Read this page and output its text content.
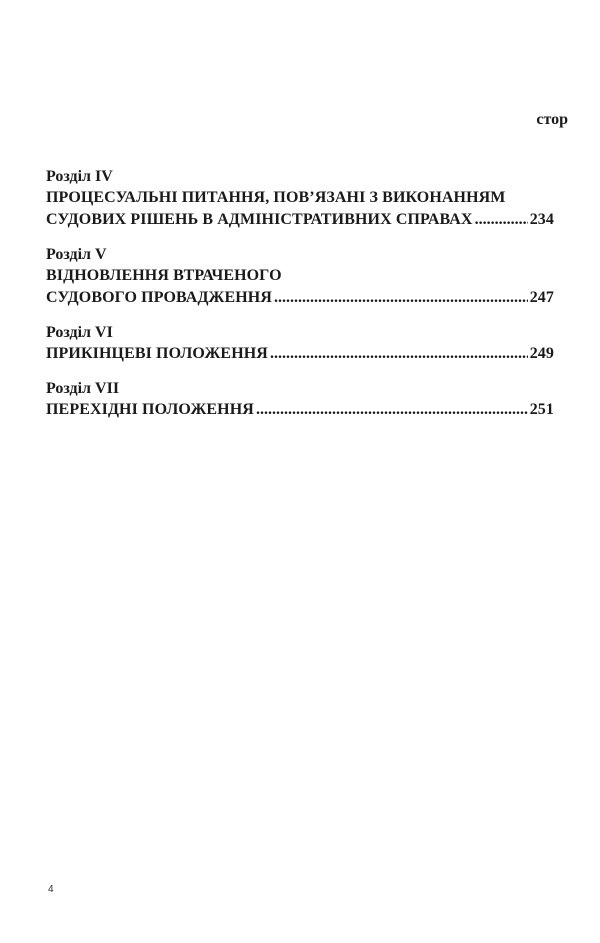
стор
Розділ IV
ПРОЦЕСУАЛЬНІ ПИТАННЯ, ПОВ’ЯЗАНІ З ВИКОНАННЯМ
СУДОВИХ РІШЕНЬ В АДМІНІСТРАТИВНИХ СПРАВАХ .....	234
Розділ V
ВІДНОВЛЕННЯ ВТРАЧЕНОГО
СУДОВОГО ПРОВАДЖЕННЯ .....	247
Розділ VI
ПРИКІНЦЕВІ ПОЛОЖЕННЯ .....	249
Розділ VII
ПЕРЕХІДНІ ПОЛОЖЕННЯ .....	251
4
